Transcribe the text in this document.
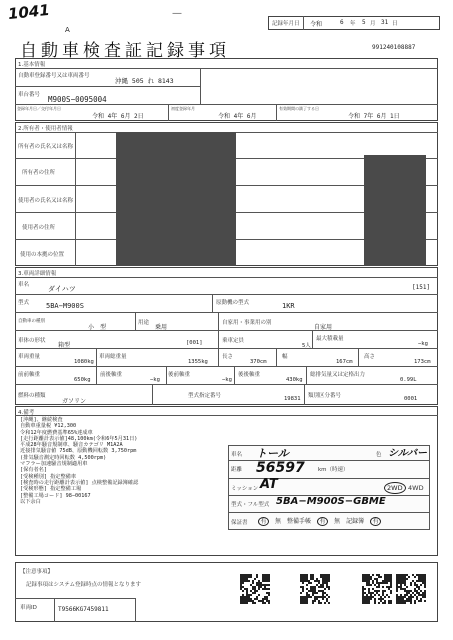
1041
A
—
記録年月日 令和	6 年 5 月 31 日
自動車検査証記録事項	991240108887
1.基本情報
自動車登録番号又は車両番号
沖縄 505 れ 8143
車台番号 M900S−0095004
登録年月日／交付年月日
令和 4年 6月 2日
初度登録年月
令和 4年 6月
有効期間の満了する日
令和 7年 6月 1日
2.所有者・使用者情報
所有者の氏名又は名称
所有者の住所
使用者の氏名又は名称
使用者の住所
使用の本拠の位置
3.車両詳細情報
車名	ダイハツ	[151]
型式 5BA−M900S	原動機の型式	1KR
自動車の種別
小　型
用途
乗用
自家用・事業用の別
自家用
車体の形状
箱型	[001]	乗車定員
5人
最大積載量
−kg
車両重量
1080kg
車両総重量
1355kg
長さ
370cm
幅
167cm
高さ
173cm
前前軸重
650kg
前後軸重
−kg
後前軸重
−kg
後後軸重
430kg
総排気量又は定格出力
0.99L
燃料の種類
ガソリン
型式指定番号	19831 類別区分番号	0001
4.備考
[沖縄]、継続検査
自動車重量税 ¥12,300
令和12年度燃費基準65%達成車
[走行距離計表示値]48,100km(令和6年5月31日)
平成28年騒音規制車、騒音カテゴリ M1A2A
近接排気騒音値 75dB、原動機回転数 3,750rpm
(排気騒音測定時回転数 4,500rpm)
マフラー加速騒音規制適用車
[保有者名]
[受検種別] 指定整備車
[検査時の走行距離計表示値] 点検整備記録簿確認
[受検形態] 指定整備工場
[整備工場コード] 98−00167
以下余白
車名 トール	色 シルバー
距離 56597 km（時速）
ミッション AT	2WD 4WD
型式・フル型式 5BA−M900S−GBME
保証書	有 無 整備手帳 有 無 記録簿 有
【注意事項】
記録事項はシステム登録時点の情報となります
車両ID	T9566KG7459811
